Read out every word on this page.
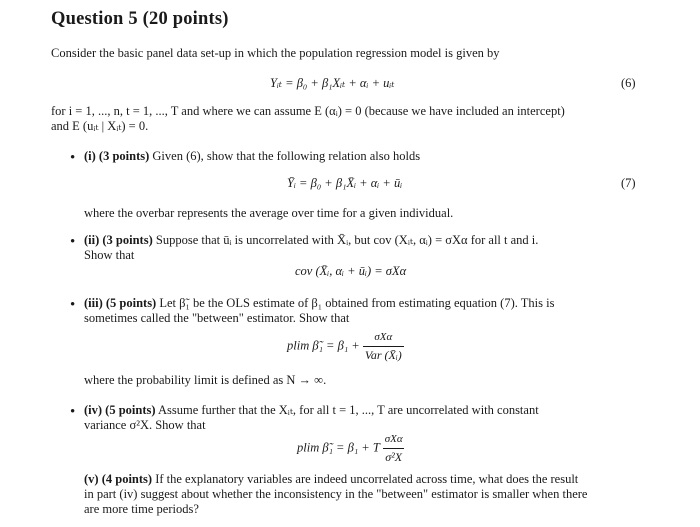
Question 5 (20 points)
Consider the basic panel data set-up in which the population regression model is given by
Yᵢₜ = β₀ + β₁Xᵢₜ + αᵢ + uᵢₜ	(6)
for i = 1, ..., n, t = 1, ..., T and where we can assume E (αᵢ) = 0 (because we have included an intercept)
and E (uᵢₜ | Xᵢₜ) = 0.
• (i) (3 points) Given (6), show that the following relation also holds
Ȳᵢ = β₀ + β₁X̄ᵢ + αᵢ + ūᵢ	(7)
where the overbar represents the average over time for a given individual.
• (ii) (3 points) Suppose that ūᵢ is uncorrelated with X̄ᵢ, but cov (Xᵢₜ, αᵢ) = σXα for all t and i.
Show that
cov (X̄ᵢ, αᵢ + ūᵢ) = σXα
• (iii) (5 points) Let β̃₁ be the OLS estimate of β₁ obtained from estimating equation (7). This is
sometimes called the "between" estimator. Show that
plim β̃₁ = $\beta_1 + \frac{\text{σXα}}{\text{Var (X̄ᵢ)}}$
where the probability limit is defined as N → ∞.
• (iv) (5 points) Assume further that the Xᵢₜ, for all t = 1, ..., T are uncorrelated with constant
variance σ²X. Show that
plim β̃₁ = β₁ + T $\frac{\text{σXα}}{\text{σ²X}}$
(v) (4 points) If the explanatory variables are indeed uncorrelated across time, what does the result
in part (iv) suggest about whether the inconsistency in the "between" estimator is smaller when there
are more time periods?
